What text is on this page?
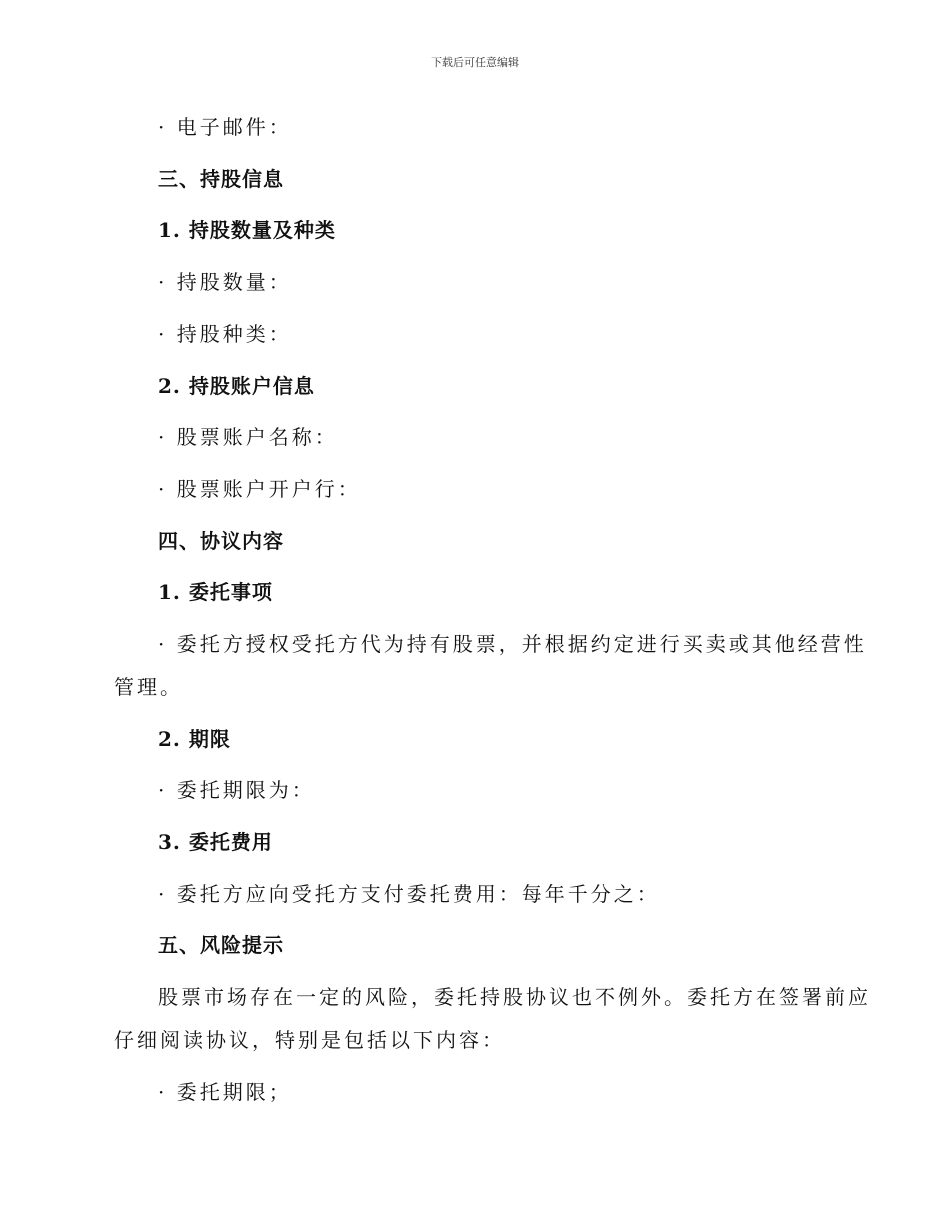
下载后可任意编辑
· 电子邮件：
三、持股信息
1. 持股数量及种类
· 持股数量：
· 持股种类：
2. 持股账户信息
· 股票账户名称：
· 股票账户开户行：
四、协议内容
1. 委托事项
· 委托方授权受托方代为持有股票，并根据约定进行买卖或其他经营性
管理。
2. 期限
· 委托期限为：
3. 委托费用
· 委托方应向受托方支付委托费用：每年千分之：
五、风险提示
股票市场存在一定的风险，委托持股协议也不例外。委托方在签署前应
仔细阅读协议，特别是包括以下内容：
· 委托期限；
